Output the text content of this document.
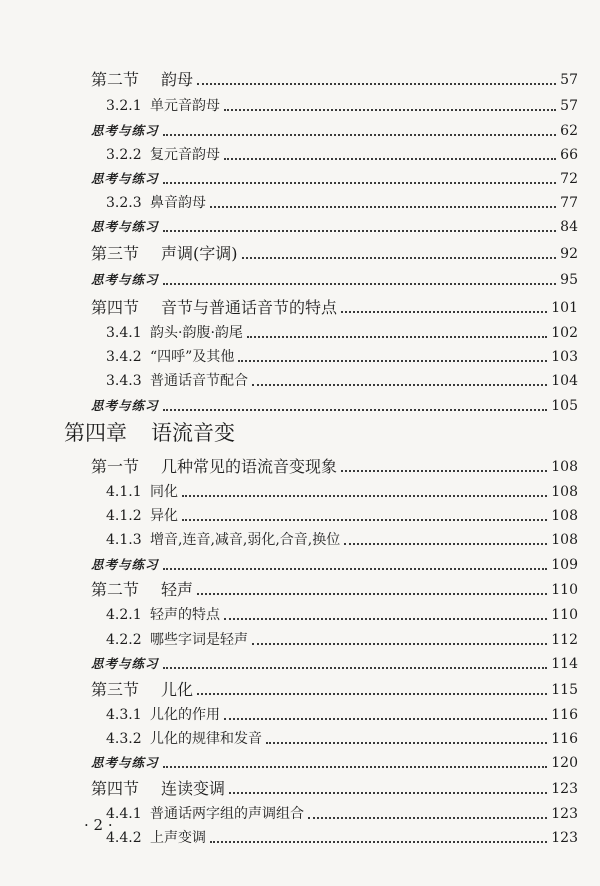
第二节 韵母	57
3.2.1 单元音韵母	57
思考与练习	62
3.2.2 复元音韵母	66
思考与练习	72
3.2.3 鼻音韵母	77
思考与练习	84
第三节 声调(字调)	92
思考与练习	95
第四节 音节与普通话音节的特点	101
3.4.1 韵头·韵腹·韵尾	102
3.4.2 “四呼”及其他	103
3.4.3 普通话音节配合	104
思考与练习	105
第四章 语流音变
第一节 几种常见的语流音变现象	108
4.1.1 同化	108
4.1.2 异化	108
4.1.3 增音,连音,减音,弱化,合音,换位	108
思考与练习	109
第二节 轻声	110
4.2.1 轻声的特点	110
4.2.2 哪些字词是轻声	112
思考与练习	114
第三节 儿化	115
4.3.1 儿化的作用	116
4.3.2 儿化的规律和发音	116
思考与练习	120
第四节 连读变调	123
4.4.1 普通话两字组的声调组合	123
4.4.2 上声变调	123
· 2 ·
